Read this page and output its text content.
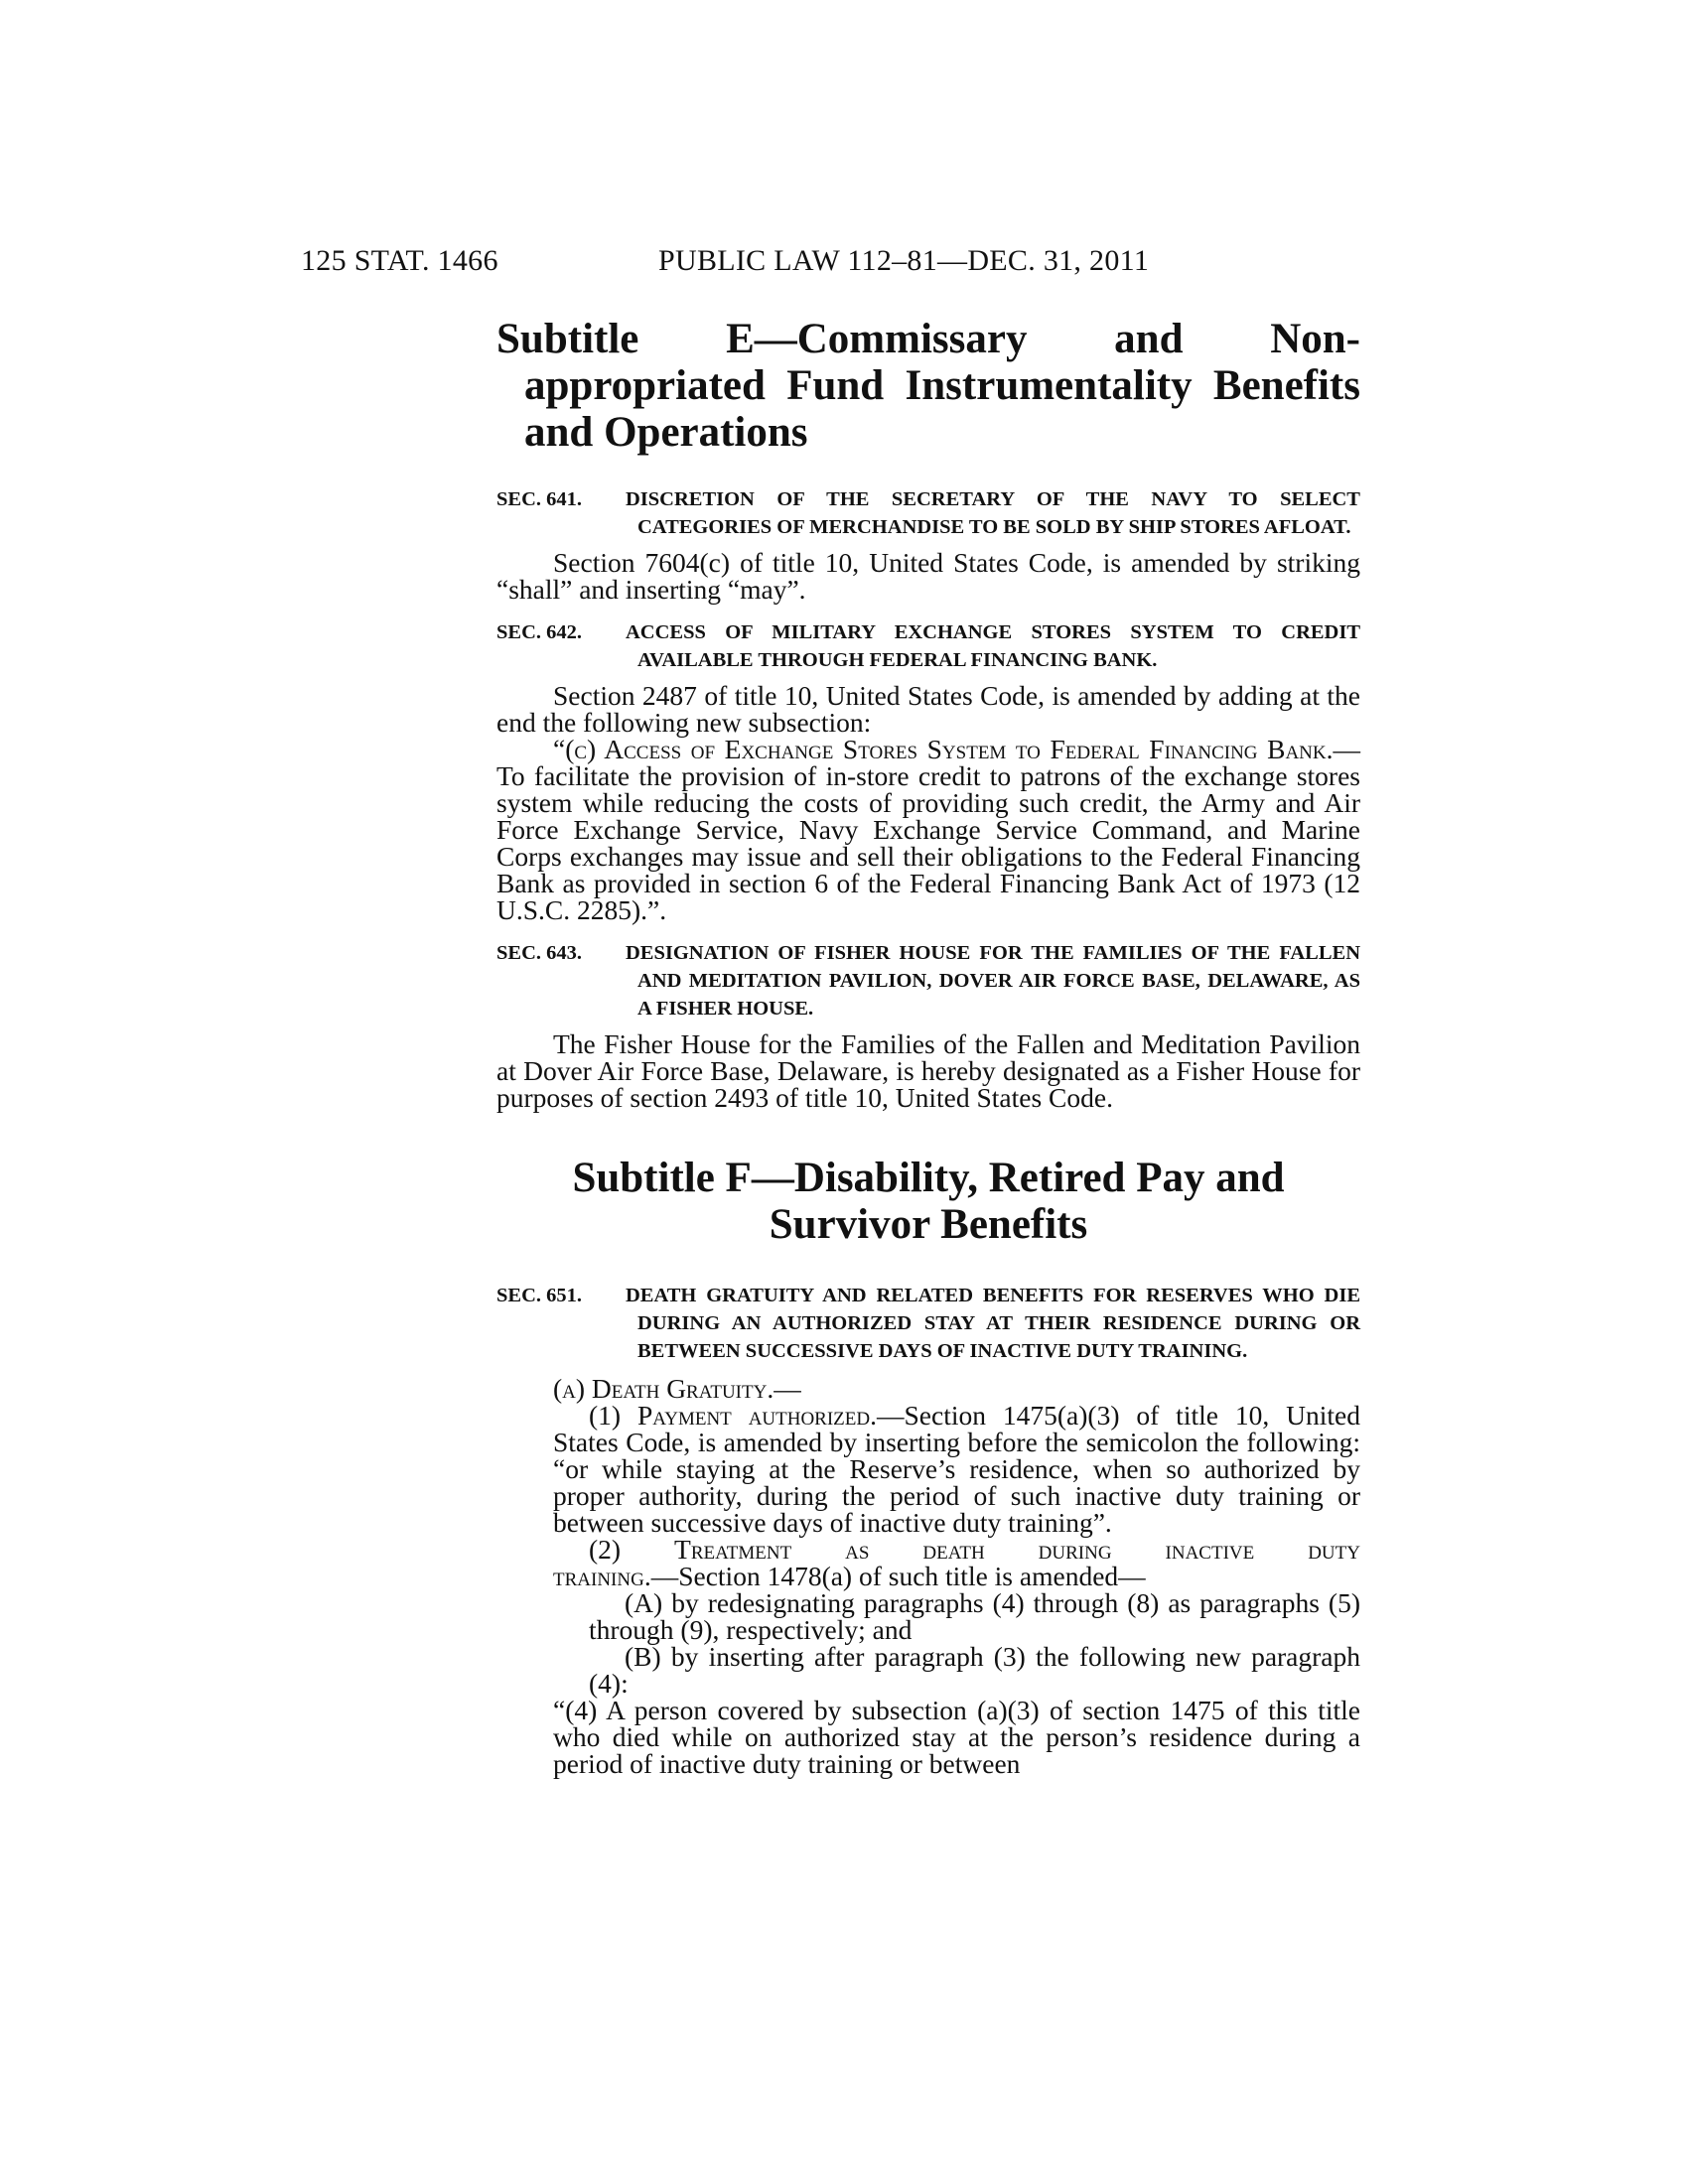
125 STAT. 1466	PUBLIC LAW 112–81—DEC. 31, 2011
Subtitle E—Commissary and Non-appropriated Fund Instrumentality Benefits and Operations
SEC. 641. DISCRETION OF THE SECRETARY OF THE NAVY TO SELECT CATEGORIES OF MERCHANDISE TO BE SOLD BY SHIP STORES AFLOAT.

Section 7604(c) of title 10, United States Code, is amended by striking “shall” and inserting “may”.

SEC. 642. ACCESS OF MILITARY EXCHANGE STORES SYSTEM TO CREDIT AVAILABLE THROUGH FEDERAL FINANCING BANK.

Section 2487 of title 10, United States Code, is amended by adding at the end the following new subsection:

“(c) Access of Exchange Stores System to Federal Financing Bank.—To facilitate the provision of in-store credit to patrons of the exchange stores system while reducing the costs of providing such credit, the Army and Air Force Exchange Service, Navy Exchange Service Command, and Marine Corps exchanges may issue and sell their obligations to the Federal Financing Bank as provided in section 6 of the Federal Financing Bank Act of 1973 (12 U.S.C. 2285).”.

SEC. 643. DESIGNATION OF FISHER HOUSE FOR THE FAMILIES OF THE FALLEN AND MEDITATION PAVILION, DOVER AIR FORCE BASE, DELAWARE, AS A FISHER HOUSE.

The Fisher House for the Families of the Fallen and Meditation Pavilion at Dover Air Force Base, Delaware, is hereby designated as a Fisher House for purposes of section 2493 of title 10, United States Code.

Subtitle F—Disability, Retired Pay and
Survivor Benefits
SEC. 651. DEATH GRATUITY AND RELATED BENEFITS FOR RESERVES WHO DIE DURING AN AUTHORIZED STAY AT THEIR RESIDENCE DURING OR BETWEEN SUCCESSIVE DAYS OF INACTIVE DUTY TRAINING.
(a) Death Gratuity.—

(1) Payment authorized.—Section 1475(a)(3) of title 10, United States Code, is amended by inserting before the semicolon the following: “or while staying at the Reserve’s residence, when so authorized by proper authority, during the period of such inactive duty training or between successive days of inactive duty training”.

(2) Treatment as death during inactive duty

training.—Section 1478(a) of such title is amended—

(A) by redesignating paragraphs (4) through (8) as paragraphs (5) through (9), respectively; and

(B) by inserting after paragraph (3) the following new paragraph (4):

“(4) A person covered by subsection (a)(3) of section 1475 of this title who died while on authorized stay at the person’s residence during a period of inactive duty training or between
